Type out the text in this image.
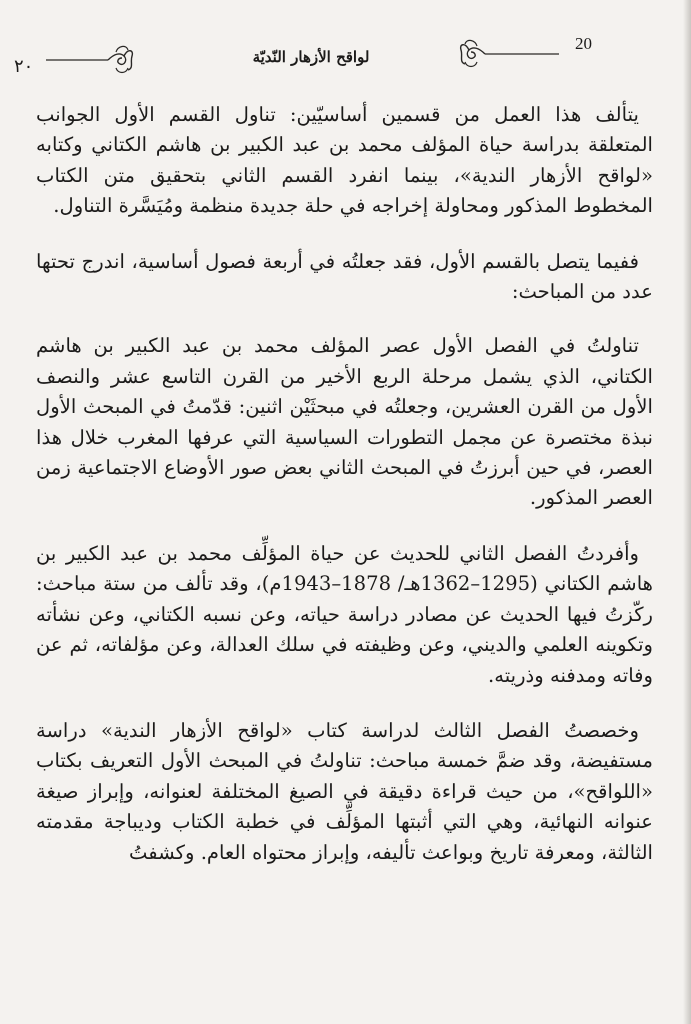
٢٠	لواقح الأزهار النّديّة
20

يتألف هذا العمل من قسمين أساسيّين: تناول القسم الأول الجوانب المتعلقة بدراسة حياة المؤلف محمد بن عبد الكبير بن هاشم الكتاني وكتابه «لواقح الأزهار الندية»، بينما انفرد القسم الثاني بتحقيق متن الكتاب المخطوط المذكور ومحاولة إخراجه في حلة جديدة منظمة ومُيَسَّرة التناول.

ففيما يتصل بالقسم الأول، فقد جعلتُه في أربعة فصول أساسية، اندرج تحتها عدد من المباحث:

تناولتُ في الفصل الأول عصر المؤلف محمد بن عبد الكبير بن هاشم الكتاني، الذي يشمل مرحلة الربع الأخير من القرن التاسع عشر والنصف الأول من القرن العشرين، وجعلتُه في مبحثَيْن اثنين: قدّمتُ في المبحث الأول نبذة مختصرة عن مجمل التطورات السياسية التي عرفها المغرب خلال هذا العصر، في حين أبرزتُ في المبحث الثاني بعض صور الأوضاع الاجتماعية زمن العصر المذكور.

وأفردتُ الفصل الثاني للحديث عن حياة المؤلِّف محمد بن عبد الكبير بن هاشم الكتاني (1295–1362هـ/ 1878–1943م)، وقد تألف من ستة مباحث: ركّزتُ فيها الحديث عن مصادر دراسة حياته، وعن نسبه الكتاني، وعن نشأته وتكوينه العلمي والديني، وعن وظيفته في سلك العدالة، وعن مؤلفاته، ثم عن وفاته ومدفنه وذريته.

وخصصتُ الفصل الثالث لدراسة كتاب «لواقح الأزهار الندية» دراسة مستفيضة، وقد ضمَّ خمسة مباحث: تناولتُ في المبحث الأول التعريف بكتاب «اللواقح»، من حيث قراءة دقيقة في الصيغ المختلفة لعنوانه، وإبراز صيغة عنوانه النهائية، وهي التي أثبتها المؤلِّف في خطبة الكتاب وديباجة مقدمته الثالثة، ومعرفة تاريخ وبواعث تأليفه، وإبراز محتواه العام. وكشفتُ
